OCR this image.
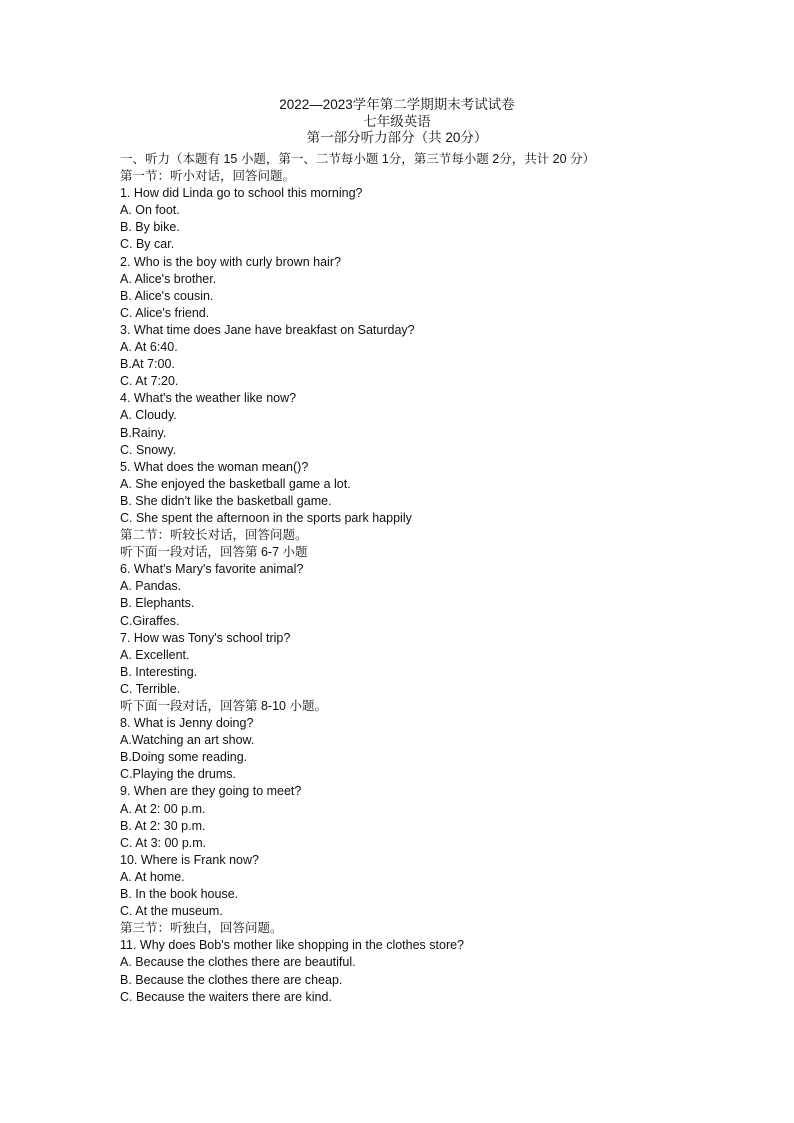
2022—2023学年第二学期期末考试试卷
七年级英语
第一部分听力部分（共 20分）
一、听力（本题有 15 小题，第一、二节每小题 1分，第三节每小题 2分，共计 20 分）
第一节：听小对话，回答问题。
1. How did Linda go to school this morning?
A. On foot.
B. By bike.
C. By car.
2. Who is the boy with curly brown hair?
A. Alice's brother.
B. Alice's cousin.
C. Alice's friend.
3. What time does Jane have breakfast on Saturday?
A. At 6:40.
B.At 7:00.
C. At 7:20.
4. What's the weather like now?
A. Cloudy.
B.Rainy.
C. Snowy.
5. What does the woman mean()?
A. She enjoyed the basketball game a lot.
B. She didn't like the basketball game.
C. She spent the afternoon in the sports park happily
第二节：听较长对话，回答问题。
听下面一段对话，回答第 6-7 小题
6. What's Mary's favorite animal?
A. Pandas.
B. Elephants.
C.Giraffes.
7. How was Tony's school trip?
A. Excellent.
B. Interesting.
C. Terrible.
听下面一段对话，回答第 8-10 小题。
8. What is Jenny doing?
A.Watching an art show.
B.Doing some reading.
C.Playing the drums.
9. When are they going to meet?
A. At 2: 00 p.m.
B. At 2: 30 p.m.
C. At 3: 00 p.m.
10. Where is Frank now?
A. At home.
B. In the book house.
C. At the museum.
第三节：听独白，回答问题。
11. Why does Bob's mother like shopping in the clothes store?
A. Because the clothes there are beautiful.
B. Because the clothes there are cheap.
C. Because the waiters there are kind.
